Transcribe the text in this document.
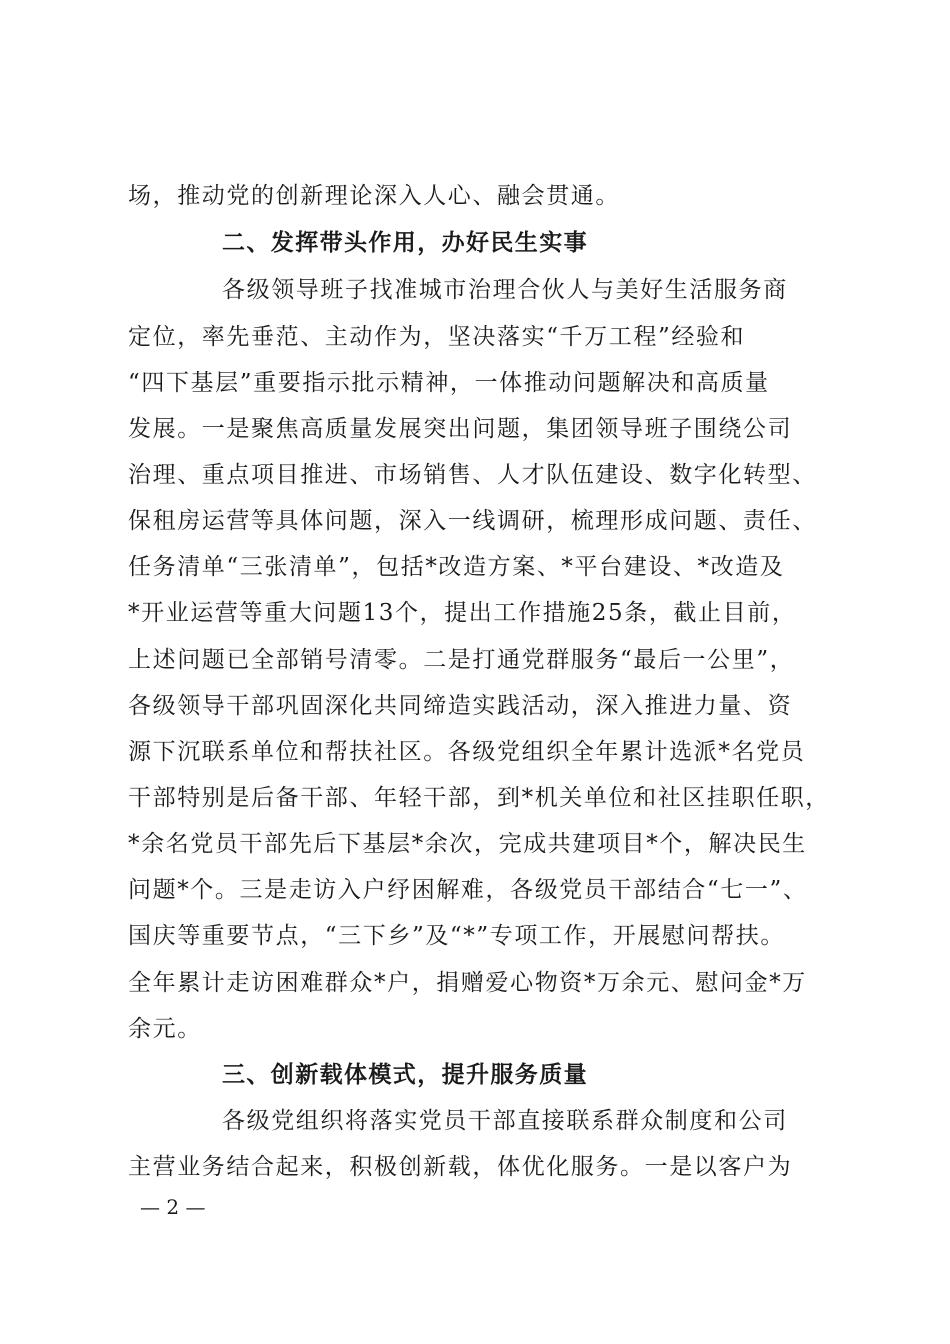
场，推动党的创新理论深入人心、融会贯通。
二、发挥带头作用，办好民生实事
各级领导班子找准城市治理合伙人与美好生活服务商
定位，率先垂范、主动作为，坚决落实“千万工程”经验和
“四下基层”重要指示批示精神，一体推动问题解决和高质量
发展。一是聚焦高质量发展突出问题，集团领导班子围绕公司
治理、重点项目推进、市场销售、人才队伍建设、数字化转型、
保租房运营等具体问题，深入一线调研，梳理形成问题、责任、
任务清单“三张清单”，包括*改造方案、*平台建设、*改造及
*开业运营等重大问题13个，提出工作措施25条，截止目前，
上述问题已全部销号清零。二是打通党群服务“最后一公里”，
各级领导干部巩固深化共同缔造实践活动，深入推进力量、资
源下沉联系单位和帮扶社区。各级党组织全年累计选派*名党员
干部特别是后备干部、年轻干部，到*机关单位和社区挂职任职，
*余名党员干部先后下基层*余次，完成共建项目*个，解决民生
问题*个。三是走访入户纾困解难，各级党员干部结合“七一”、
国庆等重要节点，“三下乡”及“*”专项工作，开展慰问帮扶。
全年累计走访困难群众*户，捐赠爱心物资*万余元、慰问金*万
余元。
三、创新载体模式，提升服务质量
各级党组织将落实党员干部直接联系群众制度和公司
主营业务结合起来，积极创新载，体优化服务。一是以客户为
— 2 —
